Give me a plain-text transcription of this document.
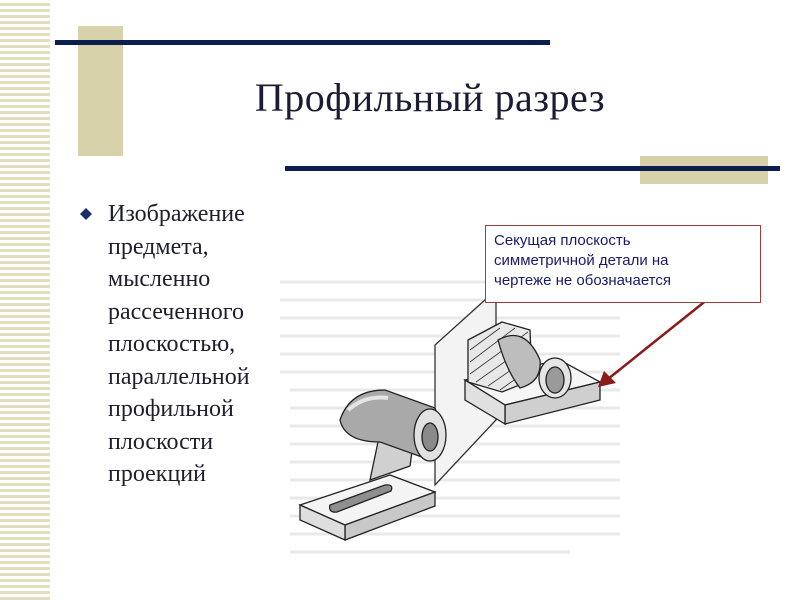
Профильный разрез
Изображение
предмета,
мысленно
рассеченного
плоскостью,
параллельной
профильной
плоскости
проекций
Секущая плоскость
симметричной детали на
чертеже не обозначается
